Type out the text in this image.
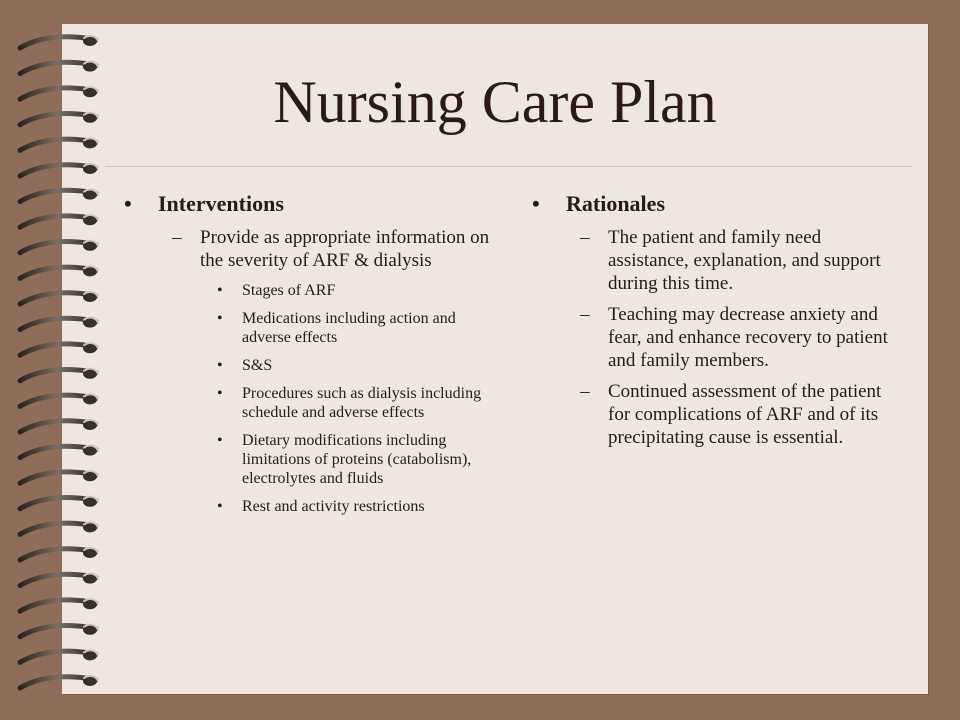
Nursing Care Plan
• Interventions
– Provide as appropriate information on the severity of ARF & dialysis
• Stages of ARF
• Medications including action and adverse effects
• S&S
• Procedures such as dialysis including schedule and adverse effects
• Dietary modifications including limitations of proteins (catabolism), electrolytes and fluids
• Rest and activity restrictions
• Rationales
– The patient and family need assistance, explanation, and support during this time.
– Teaching may decrease anxiety and fear, and enhance recovery to patient and family members.
– Continued assessment of the patient for complications of ARF and of its precipitating cause is essential.
